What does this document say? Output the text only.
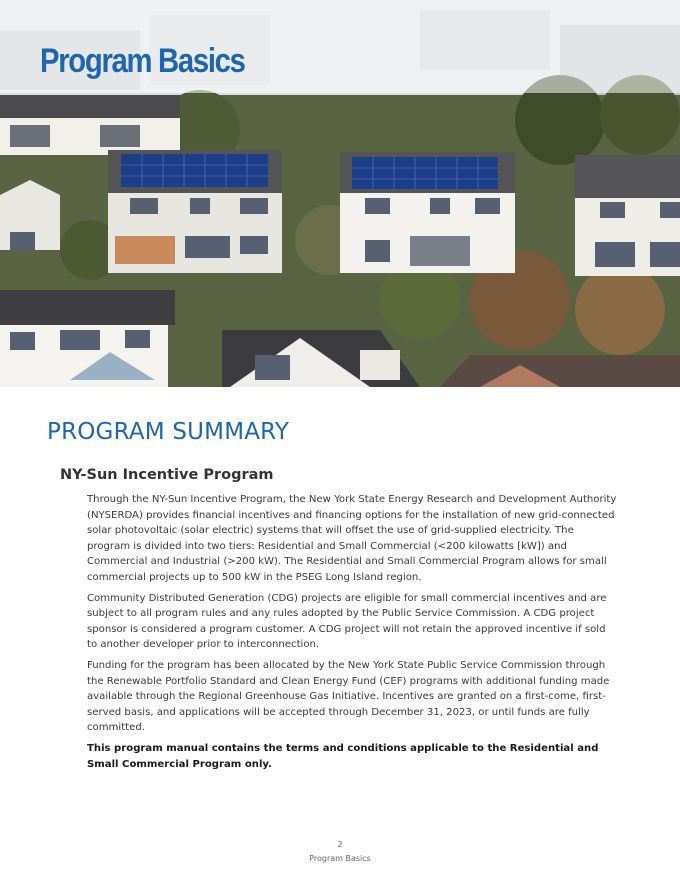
Program Basics
PROGRAM SUMMARY
NY-Sun Incentive Program

Through the NY-Sun Incentive Program, the New York State Energy Research and Development Authority (NYSERDA) provides financial incentives and financing options for the installation of new grid-connected solar photovoltaic (solar electric) systems that will offset the use of grid-supplied electricity. The program is divided into two tiers: Residential and Small Commercial (<200 kilowatts [kW]) and Commercial and Industrial (>200 kW). The Residential and Small Commercial Program allows for small commercial projects up to 500 kW in the PSEG Long Island region.

Community Distributed Generation (CDG) projects are eligible for small commercial incentives and are subject to all program rules and any rules adopted by the Public Service Commission. A CDG project sponsor is considered a program customer. A CDG project will not retain the approved incentive if sold to another developer prior to interconnection.

Funding for the program has been allocated by the New York State Public Service Commission through the Renewable Portfolio Standard and Clean Energy Fund (CEF) programs with additional funding made available through the Regional Greenhouse Gas Initiative. Incentives are granted on a first-come, first-served basis, and applications will be accepted through December 31, 2023, or until funds are fully committed.

This program manual contains the terms and conditions applicable to the Residential and Small Commercial Program only.

2
Program Basics
